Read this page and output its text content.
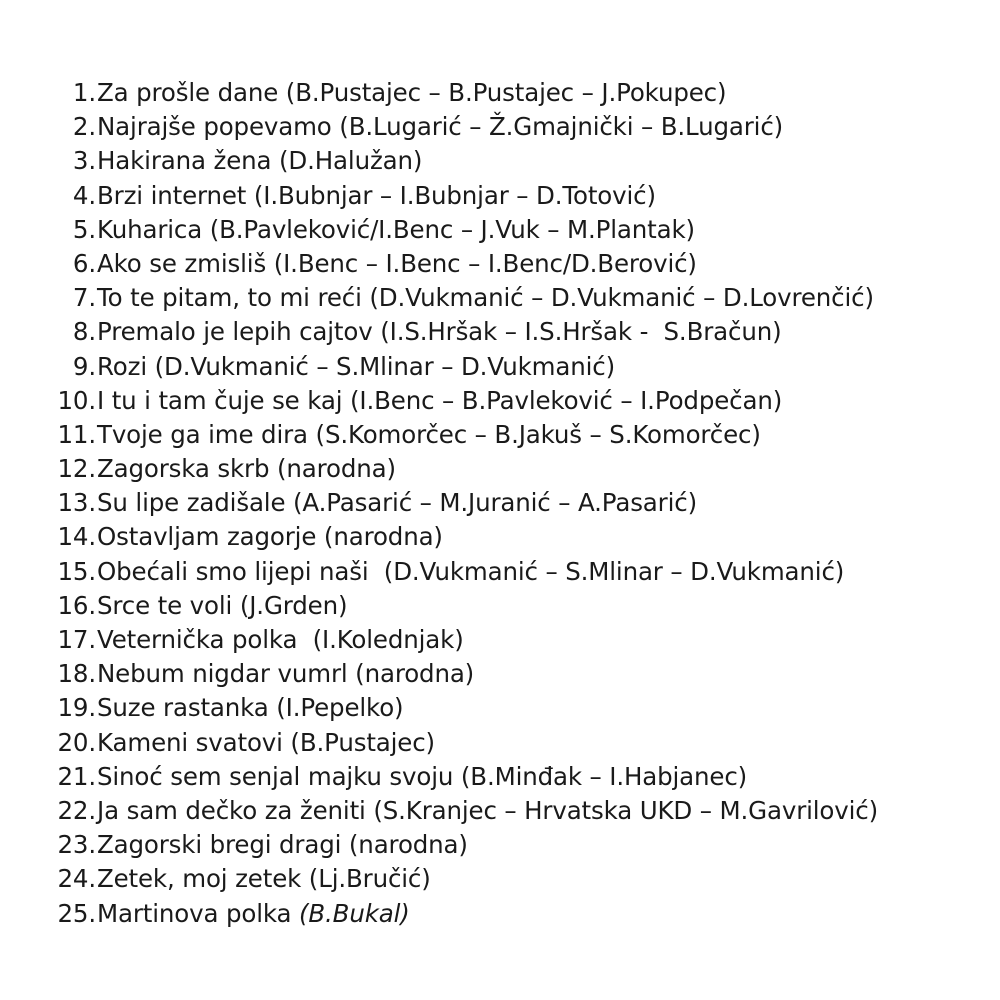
1. Za prošle dane (B.Pustajec – B.Pustajec – J.Pokupec)
2. Najrajše popevamo (B.Lugarić – Ž.Gmajnički – B.Lugarić)
3. Hakirana žena (D.Halužan)
4. Brzi internet (I.Bubnjar – I.Bubnjar – D.Totović)
5. Kuharica (B.Pavleković/I.Benc – J.Vuk – M.Plantak)
6. Ako se zmisliš (I.Benc – I.Benc – I.Benc/D.Berović)
7. To te pitam, to mi reći (D.Vukmanić – D.Vukmanić – D.Lovrenčić)
8. Premalo je lepih cajtov (I.S.Hršak – I.S.Hršak -  S.Bračun)
9. Rozi (D.Vukmanić – S.Mlinar – D.Vukmanić)
10. I tu i tam čuje se kaj (I.Benc – B.Pavleković – I.Podpečan)
11. Tvoje ga ime dira (S.Komorčec – B.Jakuš – S.Komorčec)
12. Zagorska skrb (narodna)
13. Su lipe zadišale (A.Pasarić – M.Juranić – A.Pasarić)
14. Ostavljam zagorje (narodna)
15. Obećali smo lijepi naši  (D.Vukmanić – S.Mlinar – D.Vukmanić)
16. Srce te voli (J.Grden)
17. Veternička polka  (I.Kolednjak)
18. Nebum nigdar vumrl (narodna)
19. Suze rastanka (I.Pepelko)
20. Kameni svatovi (B.Pustajec)
21. Sinoć sem senjal majku svoju (B.Minđak – I.Habjanec)
22. Ja sam dečko za ženiti (S.Kranjec – Hrvatska UKD – M.Gavrilović)
23. Zagorski bregi dragi (narodna)
24. Zetek, moj zetek (Lj.Bručić)
25. Martinova polka (B.Bukal)
